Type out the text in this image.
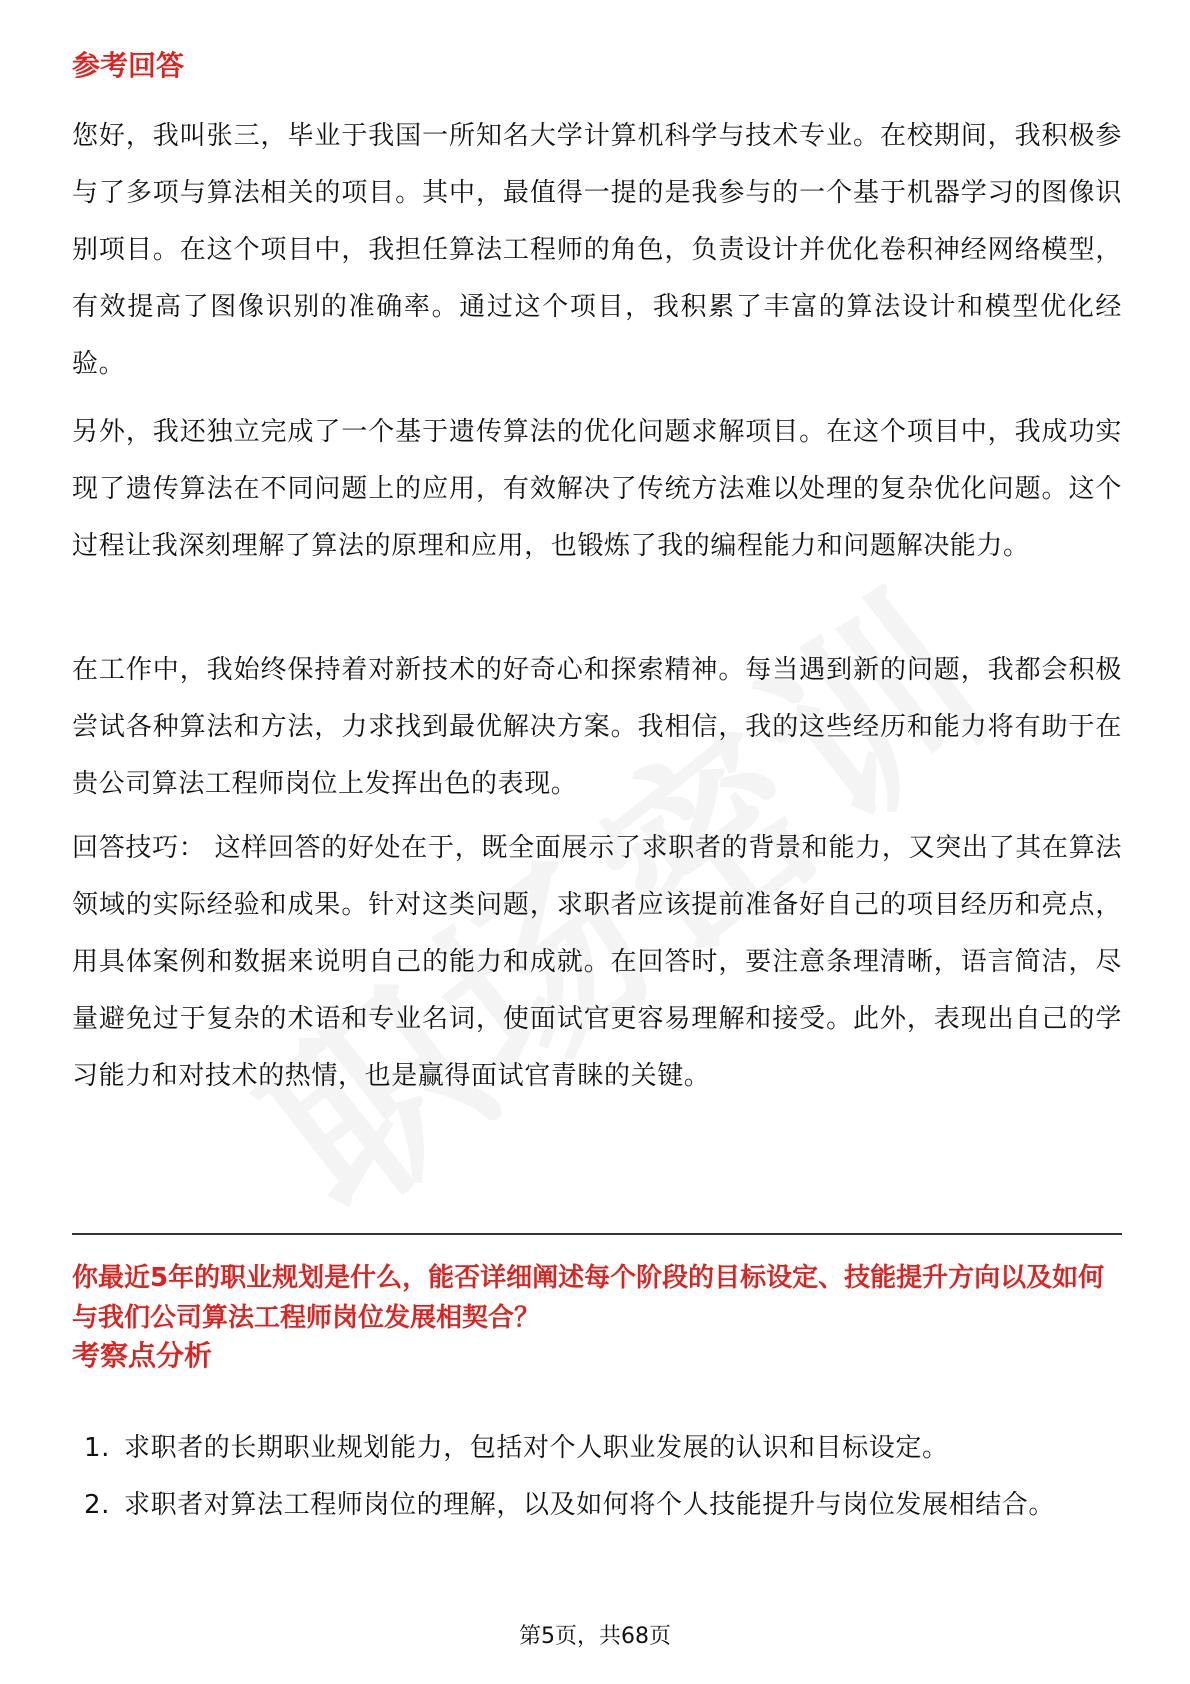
参考回答

您好，我叫张三，毕业于我国一所知名大学计算机科学与技术专业。在校期间，我积极参与了多项与算法相关的项目。其中，最值得一提的是我参与的一个基于机器学习的图像识别项目。在这个项目中，我担任算法工程师的角色，负责设计并优化卷积神经网络模型，有效提高了图像识别的准确率。通过这个项目，我积累了丰富的算法设计和模型优化经验。

另外，我还独立完成了一个基于遗传算法的优化问题求解项目。在这个项目中，我成功实现了遗传算法在不同问题上的应用，有效解决了传统方法难以处理的复杂优化问题。这个过程让我深刻理解了算法的原理和应用，也锻炼了我的编程能力和问题解决能力。

在工作中，我始终保持着对新技术的好奇心和探索精神。每当遇到新的问题，我都会积极尝试各种算法和方法，力求找到最优解决方案。我相信，我的这些经历和能力将有助于在贵公司算法工程师岗位上发挥出色的表现。

回答技巧： 这样回答的好处在于，既全面展示了求职者的背景和能力，又突出了其在算法领域的实际经验和成果。针对这类问题，求职者应该提前准备好自己的项目经历和亮点，用具体案例和数据来说明自己的能力和成就。在回答时，要注意条理清晰，语言简洁，尽量避免过于复杂的术语和专业名词，使面试官更容易理解和接受。此外，表现出自己的学习能力和对技术的热情，也是赢得面试官青睐的关键。

你最近5年的职业规划是什么，能否详细阐述每个阶段的目标设定、技能提升方向以及如何与我们公司算法工程师岗位发展相契合？
考察点分析
1. 求职者的长期职业规划能力，包括对个人职业发展的认识和目标设定。
2. 求职者对算法工程师岗位的理解，以及如何将个人技能提升与岗位发展相结合。
第5页，共68页
